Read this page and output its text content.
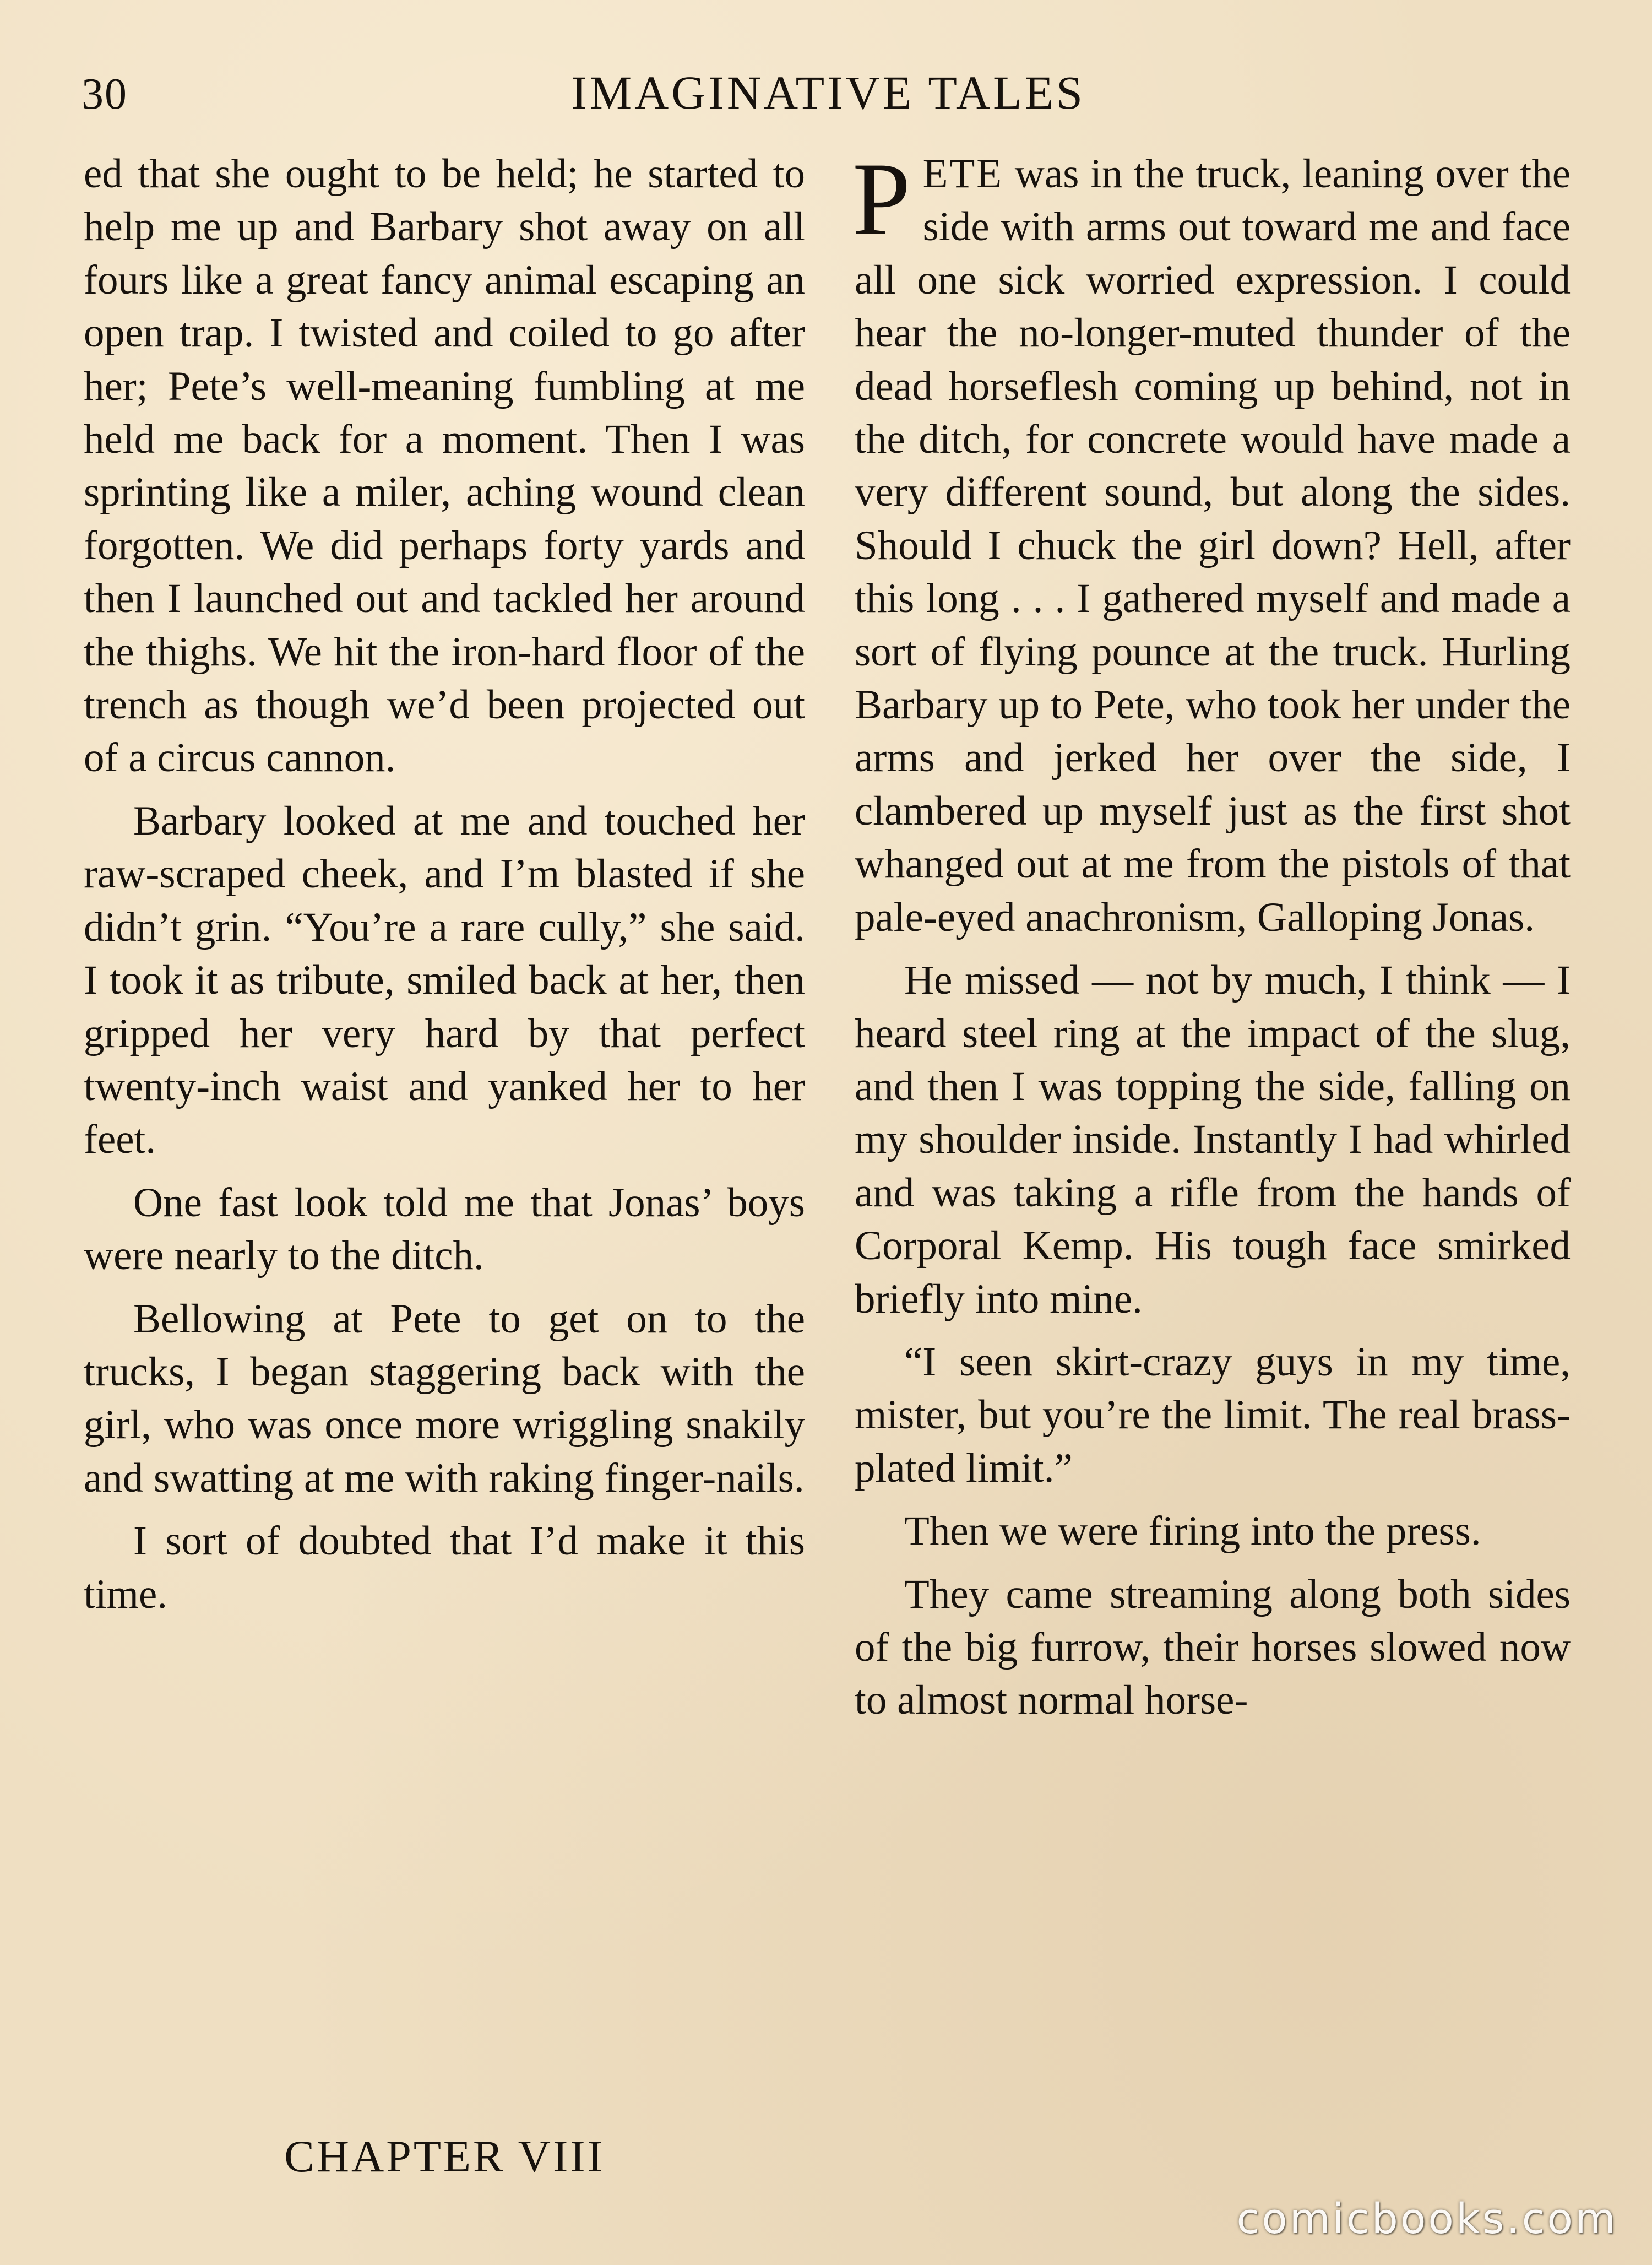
30	IMAGINATIVE TALES

ed that she ought to be held; he started to help me up and Barbary shot away on all fours like a great fancy animal escaping an open trap. I twisted and coiled to go after her; Pete’s well-meaning fumbling at me held me back for a moment. Then I was sprinting like a miler, aching wound clean forgotten. We did perhaps forty yards and then I launched out and tackled her around the thighs. We hit the iron-hard floor of the trench as though we’d been projected out of a circus cannon.

Barbary looked at me and touched her raw-scraped cheek, and I’m blasted if she didn’t grin. “You’re a rare cully,” she said. I took it as tribute, smiled back at her, then gripped her very hard by that perfect twenty-inch waist and yanked her to her feet.

One fast look told me that Jonas’ boys were nearly to the ditch.

Bellowing at Pete to get on to the trucks, I began staggering back with the girl, who was once more wriggling snakily and swatting at me with raking finger-nails.

I sort of doubted that I’d make it this time.

CHAPTER VIII

PETE was in the truck, leaning over the side with arms out toward me and face all one sick worried expression. I could hear the no-longer-muted thunder of the dead horseflesh coming up behind, not in the ditch, for concrete would have made a very different sound, but along the sides. Should I chuck the girl down? Hell, after this long . . . I gathered myself and made a sort of flying pounce at the truck. Hurling Barbary up to Pete, who took her under the arms and jerked her over the side, I clambered up myself just as the first shot whanged out at me from the pistols of that pale-eyed anachronism, Galloping Jonas.

He missed — not by much, I think — I heard steel ring at the impact of the slug, and then I was topping the side, falling on my shoulder inside. Instantly I had whirled and was taking a rifle from the hands of Corporal Kemp. His tough face smirked briefly into mine.

“I seen skirt-crazy guys in my time, mister, but you’re the limit. The real brass-plated limit.”

Then we were firing into the press.

They came streaming along both sides of the big furrow, their horses slowed now to almost normal horse-

comicbooks.com
